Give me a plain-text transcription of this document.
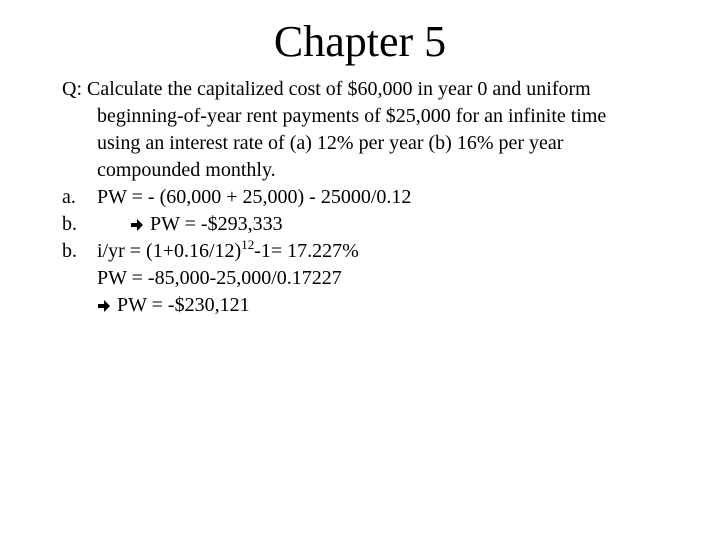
Chapter 5

Q: Calculate the capitalized cost of $60,000 in year 0 and uniform

beginning-of-year rent payments of $25,000 for an infinite time

using an interest rate of (a) 12% per year (b) 16% per year

compounded monthly.

a. PW = - (60,000 + 25,000) - 25000/0.12

b.	PW = -$293,333

b. $i/yr = (1+0.16/12)^{12}-1= 17.227\%$

PW = -85,000-25,000/0.17227

PW = -$230,121
